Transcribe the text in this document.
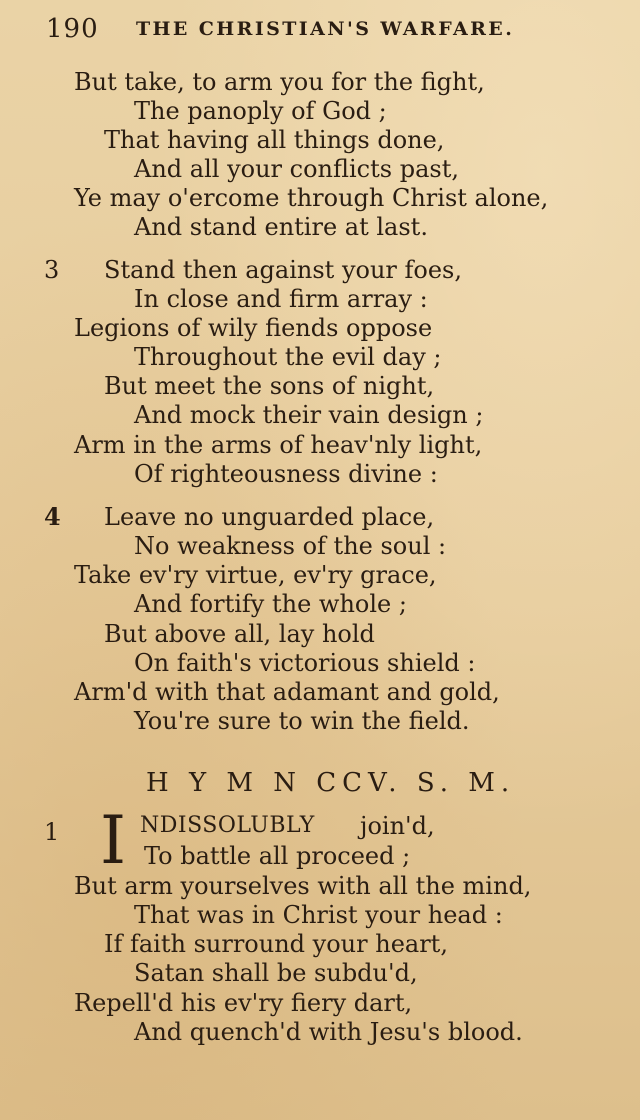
190 THE CHRISTIAN'S WARFARE.
But take, to arm you for the fight,
The panoply of God ;
That having all things done,
And all your conflicts past,
Ye may o'ercome through Christ alone,
And stand entire at last.
3 Stand then against your foes,
In close and firm array :
Legions of wily fiends oppose
Throughout the evil day ;
But meet the sons of night,
And mock their vain design ;
Arm in the arms of heav'nly light,
Of righteousness divine :
4 Leave no unguarded place,
No weakness of the soul :
Take ev'ry virtue, ev'ry grace,
And fortify the whole ;
But above all, lay hold
On faith's victorious shield :
Arm'd with that adamant and gold,
You're sure to win the field.
H Y M N CCV. S. M.
1 I NDISSOLUBLY join'd,
To battle all proceed ;
But arm yourselves with all the mind,
That was in Christ your head :
If faith surround your heart,
Satan shall be subdu'd,
Repell'd his ev'ry fiery dart,
And quench'd with Jesu's blood.
